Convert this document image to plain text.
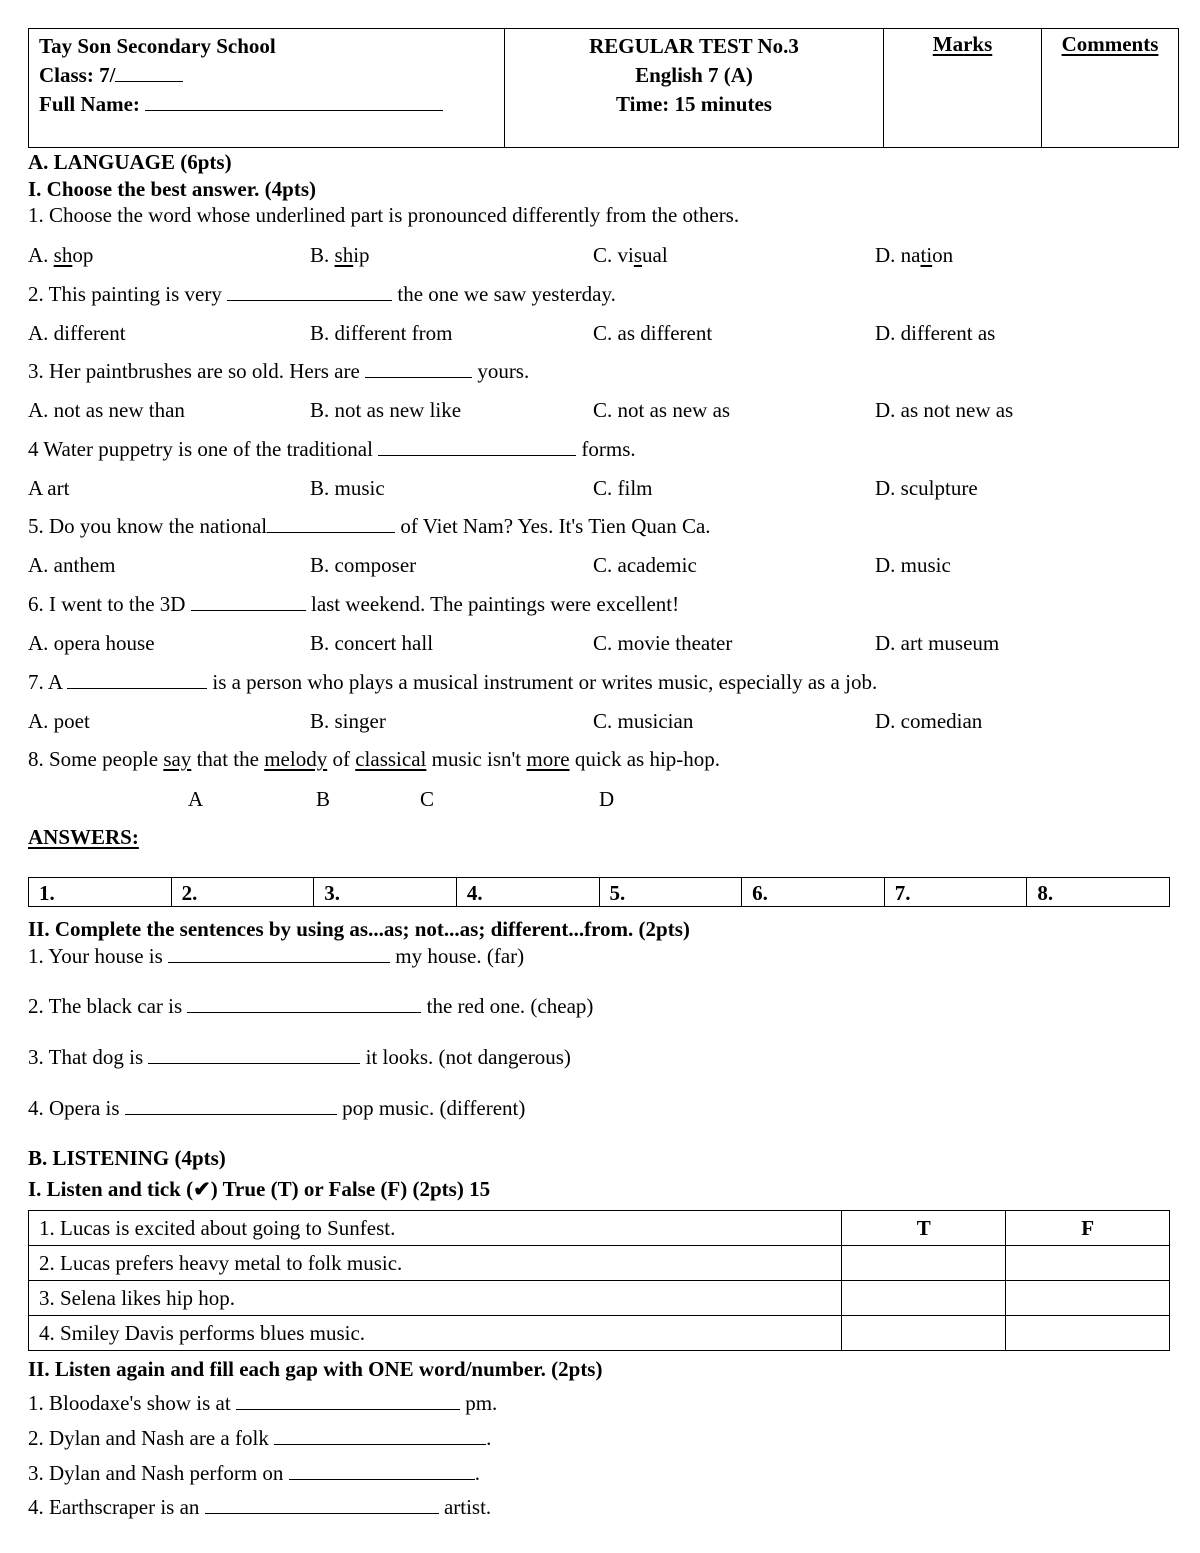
Tay Son Secondary School
Class: 7/
Full Name:

REGULAR TEST No.3
English 7 (A)
Time: 15 minutes
	Marks	Comments
A. LANGUAGE (6pts)
I. Choose the best answer. (4pts)
1. Choose the word whose underlined part is pronounced differently from the others.
A. shop	B. ship	C. visual	D. nation
2. This painting is very	the one we saw yesterday.
A. different	B. different from	C. as different	D. different as
3. Her paintbrushes are so old. Hers are	yours.
A. not as new than	B. not as new like	C. not as new as	D. as not new as
4 Water puppetry is one of the traditional	forms.
A art	B. music	C. film	D. sculpture
5. Do you know the national	of Viet Nam? Yes. It's Tien Quan Ca.
A. anthem	B. composer	C. academic	D. music
6. I went to the 3D	last weekend. The paintings were excellent!
A. opera house	B. concert hall	C. movie theater	D. art museum
7. A	is a person who plays a musical instrument or writes music, especially as a job.
A. poet	B. singer	C. musician	D. comedian
8. Some people say that the melody of classical music isn't more quick as hip-hop.
A	B	C	D
ANSWERS:
1.	2.	3.	4.	5.	6.	7.	8.
II. Complete the sentences by using as...as; not...as; different...from. (2pts)
1. Your house is	my house. (far)
2. The black car is	the red one. (cheap)
3. That dog is	it looks. (not dangerous)
4. Opera is	pop music. (different)
B. LISTENING (4pts)
I. Listen and tick (✔) True (T) or False (F) (2pts) 15
1. Lucas is excited about going to Sunfest.	T	F
2. Lucas prefers heavy metal to folk music.		
3. Selena likes hip hop.		
4. Smiley Davis performs blues music.		
II. Listen again and fill each gap with ONE word/number. (2pts)
1. Bloodaxe's show is at	pm.
2. Dylan and Nash are a folk	.
3. Dylan and Nash perform on	.
4. Earthscraper is an	artist.
